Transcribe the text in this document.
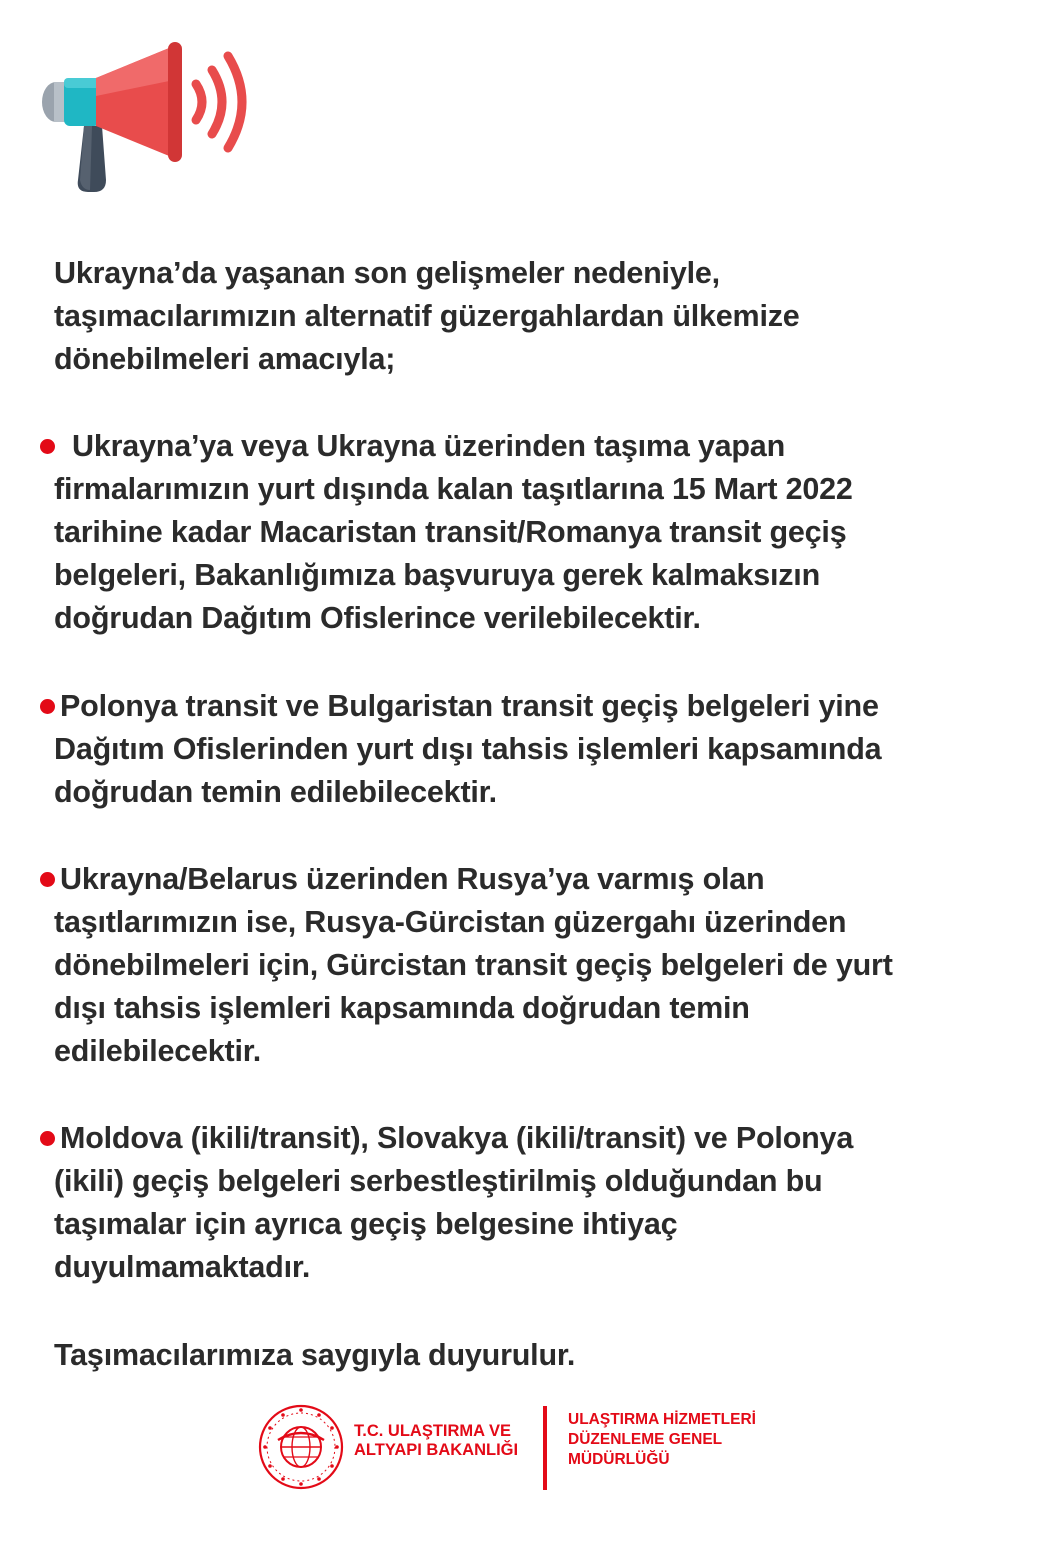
Ukrayna’da yaşanan son gelişmeler nedeniyle,
taşımacılarımızın alternatif güzergahlardan ülkemize
dönebilmeleri amacıyla;
Ukrayna’ya veya Ukrayna üzerinden taşıma yapan
firmalarımızın yurt dışında kalan taşıtlarına 15 Mart 2022
tarihine kadar Macaristan transit/Romanya transit geçiş
belgeleri, Bakanlığımıza başvuruya gerek kalmaksızın
doğrudan Dağıtım Ofislerince verilebilecektir.
Polonya transit ve Bulgaristan transit geçiş belgeleri yine
Dağıtım Ofislerinden yurt dışı tahsis işlemleri kapsamında
doğrudan temin edilebilecektir.
Ukrayna/Belarus üzerinden Rusya’ya varmış olan
taşıtlarımızın ise, Rusya-Gürcistan güzergahı üzerinden
dönebilmeleri için, Gürcistan transit geçiş belgeleri de yurt
dışı tahsis işlemleri kapsamında doğrudan temin
edilebilecektir.
Moldova (ikili/transit), Slovakya (ikili/transit) ve Polonya
(ikili) geçiş belgeleri serbestleştirilmiş olduğundan bu
taşımalar için ayrıca geçiş belgesine ihtiyaç
duyulmamaktadır.
Taşımacılarımıza saygıyla duyurulur.
T.C. ULAŞTIRMA VE
ALTYAPI BAKANLIĞI
ULAŞTIRMA HİZMETLERİ
DÜZENLEME GENEL
MÜDÜRLÜĞÜ
